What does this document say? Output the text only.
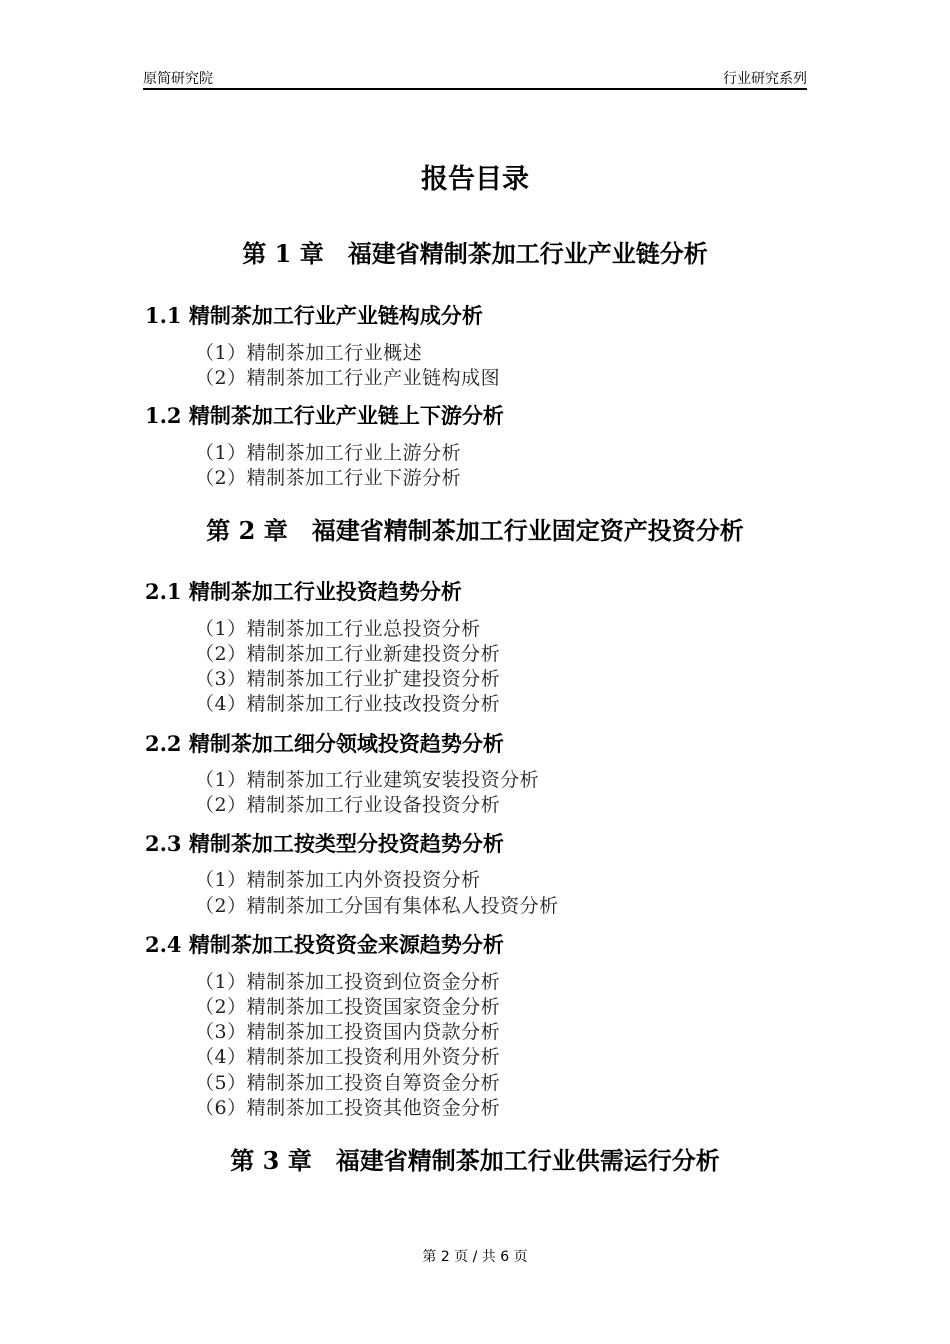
原简研究院	行业研究系列
报告目录
第 1 章　福建省精制茶加工行业产业链分析
1.1 精制茶加工行业产业链构成分析
（1）精制茶加工行业概述
（2）精制茶加工行业产业链构成图
1.2 精制茶加工行业产业链上下游分析
（1）精制茶加工行业上游分析
（2）精制茶加工行业下游分析
第 2 章　福建省精制茶加工行业固定资产投资分析
2.1 精制茶加工行业投资趋势分析
（1）精制茶加工行业总投资分析
（2）精制茶加工行业新建投资分析
（3）精制茶加工行业扩建投资分析
（4）精制茶加工行业技改投资分析
2.2 精制茶加工细分领域投资趋势分析
（1）精制茶加工行业建筑安装投资分析
（2）精制茶加工行业设备投资分析
2.3 精制茶加工按类型分投资趋势分析
（1）精制茶加工内外资投资分析
（2）精制茶加工分国有集体私人投资分析
2.4 精制茶加工投资资金来源趋势分析
（1）精制茶加工投资到位资金分析
（2）精制茶加工投资国家资金分析
（3）精制茶加工投资国内贷款分析
（4）精制茶加工投资利用外资分析
（5）精制茶加工投资自筹资金分析
（6）精制茶加工投资其他资金分析
第 3 章　福建省精制茶加工行业供需运行分析
第 2 页 / 共 6 页
